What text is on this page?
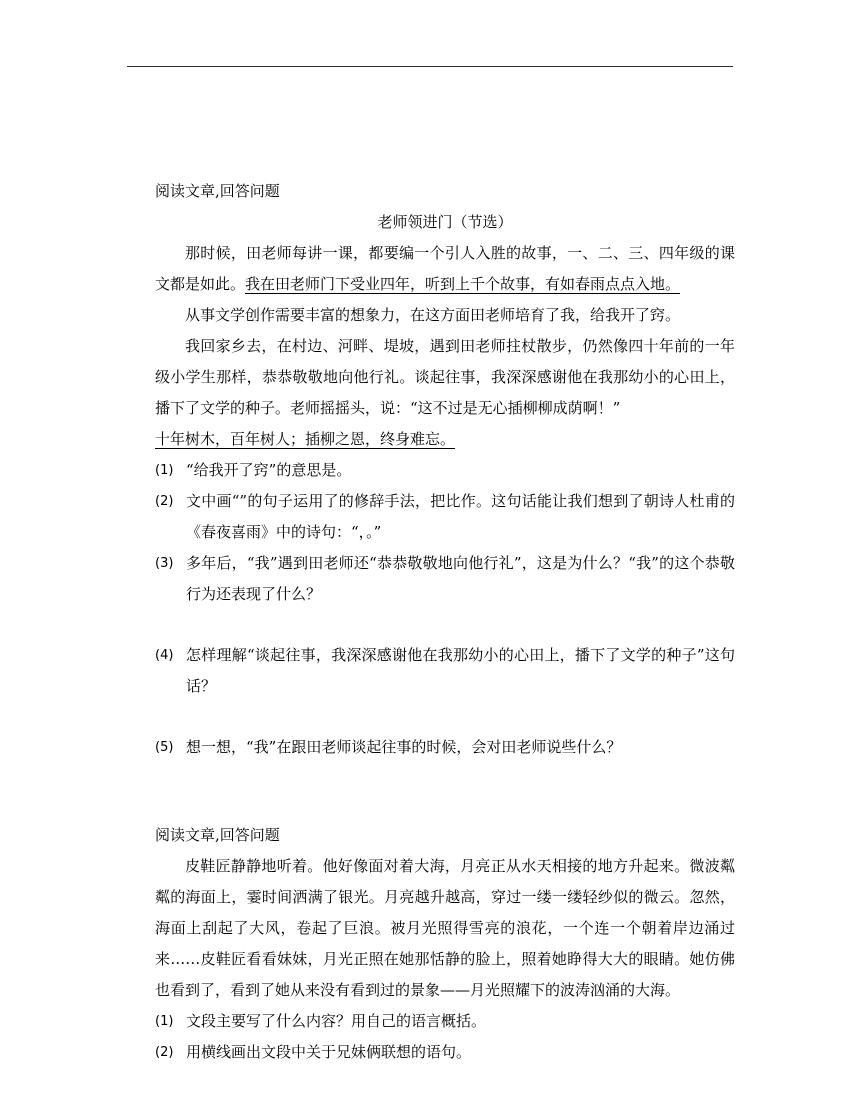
阅读文章,回答问题

老师领进门（节选）

那时候，田老师每讲一课，都要编一个引人入胜的故事，一、二、三、四年级的课文都是如此。我在田老师门下受业四年，听到上千个故事，有如春雨点点入地。

从事文学创作需要丰富的想象力，在这方面田老师培育了我，给我开了窍。

我回家乡去，在村边、河畔、堤坡，遇到田老师拄杖散步，仍然像四十年前的一年级小学生那样，恭恭敬敬地向他行礼。谈起往事，我深深感谢他在我那幼小的心田上，播下了文学的种子。老师摇摇头，说：“这不过是无心插柳柳成荫啊！”

十年树木，百年树人；插柳之恩，终身难忘。

(1) “给我开了窍”的意思是。
(2) 文中画“”的句子运用了的修辞手法，把比作。这句话能让我们想到了朝诗人杜甫的《春夜喜雨》中的诗句：“，。”
(3) 多年后，“我”遇到田老师还“恭恭敬敬地向他行礼”，这是为什么？“我”的这个恭敬行为还表现了什么？
(4) 怎样理解“谈起往事，我深深感谢他在我那幼小的心田上，播下了文学的种子”这句话？
(5) 想一想，“我”在跟田老师谈起往事的时候，会对田老师说些什么？

阅读文章,回答问题

皮鞋匠静静地听着。他好像面对着大海，月亮正从水天相接的地方升起来。微波粼粼的海面上，霎时间洒满了银光。月亮越升越高，穿过一缕一缕轻纱似的微云。忽然，海面上刮起了大风，卷起了巨浪。被月光照得雪亮的浪花，一个连一个朝着岸边涌过来……皮鞋匠看看妹妹，月光正照在她那恬静的脸上，照着她睁得大大的眼睛。她仿佛也看到了，看到了她从来没有看到过的景象——月光照耀下的波涛汹涌的大海。

(1) 文段主要写了什么内容？用自己的语言概括。
(2) 用横线画出文段中关于兄妹俩联想的语句。
